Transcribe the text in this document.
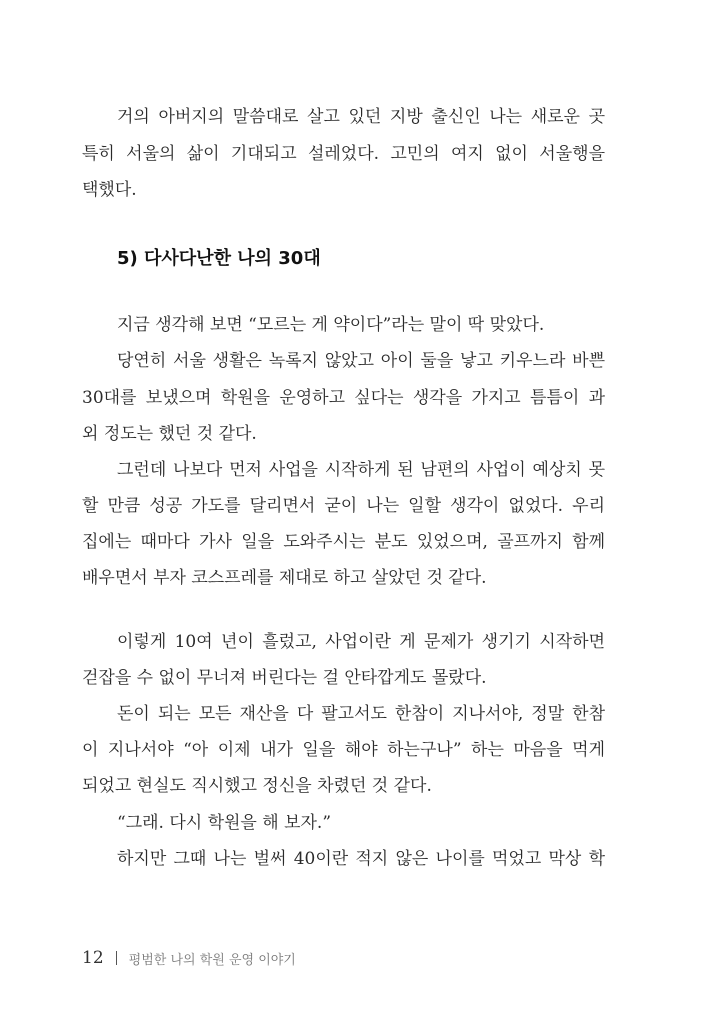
거의 아버지의 말씀대로 살고 있던 지방 출신인 나는 새로운 곳
특히 서울의 삶이 기대되고 설레었다. 고민의 여지 없이 서울행을
택했다.
5) 다사다난한 나의 30대
지금 생각해 보면 “모르는 게 약이다”라는 말이 딱 맞았다.
당연히 서울 생활은 녹록지 않았고 아이 둘을 낳고 키우느라 바쁜
30대를 보냈으며 학원을 운영하고 싶다는 생각을 가지고 틈틈이 과
외 정도는 했던 것 같다.
그런데 나보다 먼저 사업을 시작하게 된 남편의 사업이 예상치 못
할 만큼 성공 가도를 달리면서 굳이 나는 일할 생각이 없었다. 우리
집에는 때마다 가사 일을 도와주시는 분도 있었으며, 골프까지 함께
배우면서 부자 코스프레를 제대로 하고 살았던 것 같다.
이렇게 10여 년이 흘렀고, 사업이란 게 문제가 생기기 시작하면
걷잡을 수 없이 무너져 버린다는 걸 안타깝게도 몰랐다.
돈이 되는 모든 재산을 다 팔고서도 한참이 지나서야, 정말 한참
이 지나서야 “아 이제 내가 일을 해야 하는구나” 하는 마음을 먹게
되었고 현실도 직시했고 정신을 차렸던 것 같다.
“그래. 다시 학원을 해 보자.”
하지만 그때 나는 벌써 40이란 적지 않은 나이를 먹었고 막상 학
12 평범한 나의 학원 운영 이야기
